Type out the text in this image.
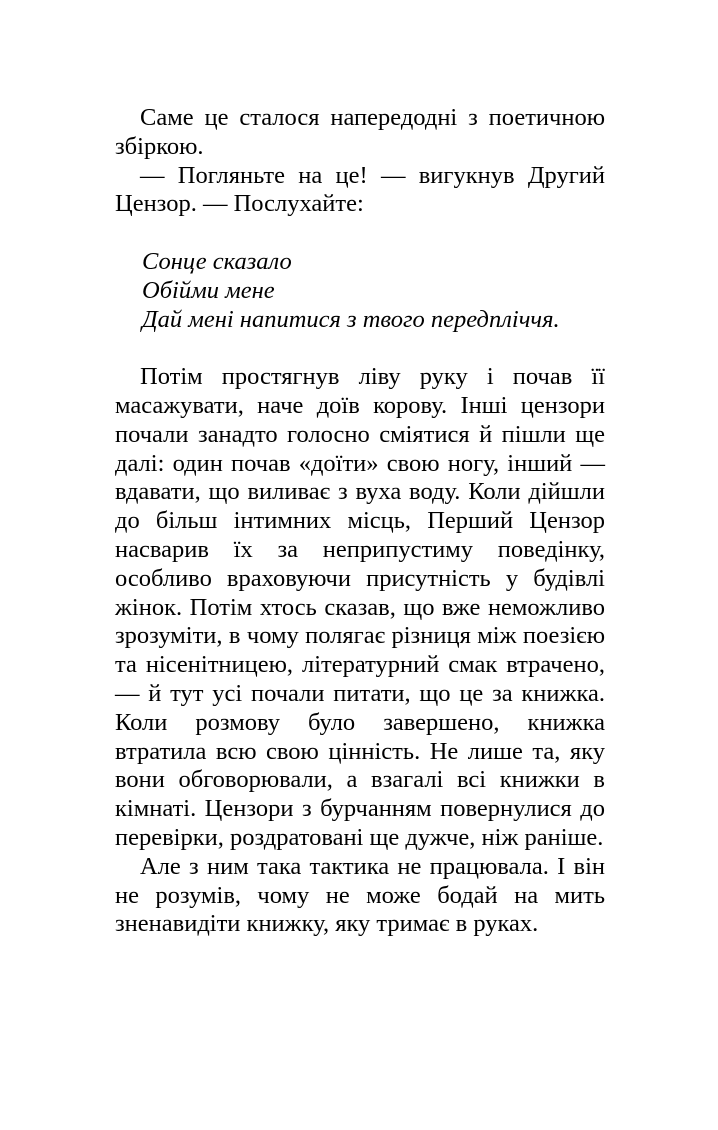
Саме це сталося напередодні з поетичною збіркою.

— Погляньте на це! — вигукнув Другий Цензор. — Послухайте:

Сонце сказало
Обійми мене
Дай мені напитися з твого передпліччя.

Потім простягнув ліву руку і почав її масажувати, наче доїв корову. Інші цензори почали занадто голосно сміятися й пішли ще далі: один почав «доїти» свою ногу, інший — вдавати, що виливає з вуха воду. Коли дійшли до більш інтимних місць, Перший Цензор насварив їх за неприпустиму поведінку, особливо враховуючи присутність у будівлі жінок. Потім хтось сказав, що вже неможливо зрозуміти, в чому полягає різниця між поезією та нісенітницею, літературний смак втрачено, — й тут усі почали питати, що це за книжка. Коли розмову було завершено, книжка втратила всю свою цінність. Не лише та, яку вони обговорювали, а взагалі всі книжки в кімнаті. Цензори з бурчанням повернулися до перевірки, роздратовані ще дужче, ніж раніше.

Але з ним така тактика не працювала. І він не розумів, чому не може бодай на мить зненавидіти книжку, яку тримає в руках.
